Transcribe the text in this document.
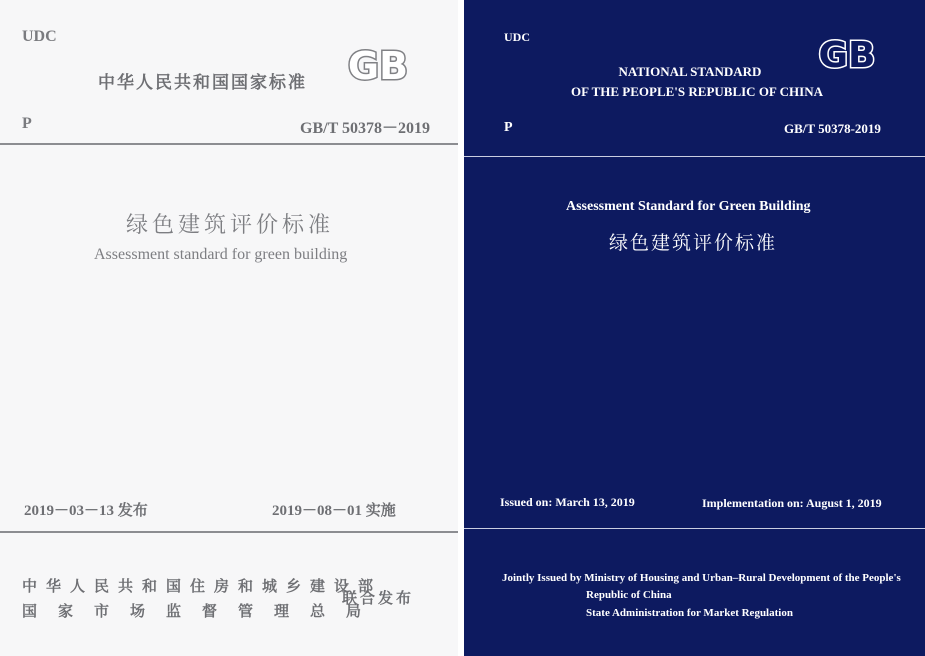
UDC
中华人民共和国国家标准 GB
P	GB/T 50378－2019
绿色建筑评价标准
Assessment standard for green building
2019－03－13 发布	2019－08－01 实施
中华人民共和国住房和城乡建设部
国家市场监督管理总局
联合发布
UDC
NATIONAL STANDARD
OF THE PEOPLE'S REPUBLIC OF CHINA
GB
P	GB/T 50378-2019
Assessment Standard for Green Building
绿色建筑评价标准
Issued on: March 13, 2019	Implementation on: August 1, 2019
Jointly Issued by Ministry of Housing and Urban–Rural Development of the People's
Republic of China
State Administration for Market Regulation
